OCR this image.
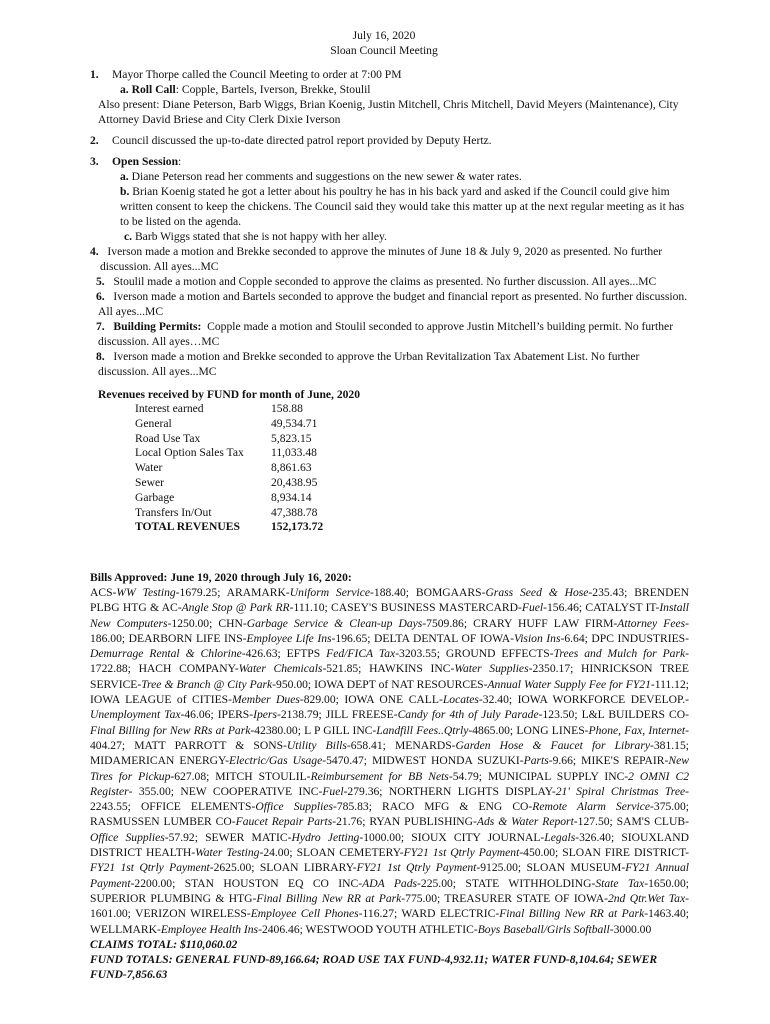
July 16, 2020
Sloan Council Meeting
1. Mayor Thorpe called the Council Meeting to order at 7:00 PM
a. Roll Call: Copple, Bartels, Iverson, Brekke, Stoulil
Also present: Diane Peterson, Barb Wiggs, Brian Koenig, Justin Mitchell, Chris Mitchell, David Meyers (Maintenance), City Attorney David Briese and City Clerk Dixie Iverson
2. Council discussed the up-to-date directed patrol report provided by Deputy Hertz.
3. Open Session:
a. Diane Peterson read her comments and suggestions on the new sewer & water rates.
b. Brian Koenig stated he got a letter about his poultry he has in his back yard and asked if the Council could give him written consent to keep the chickens. The Council said they would take this matter up at the next regular meeting as it has to be listed on the agenda.
c. Barb Wiggs stated that she is not happy with her alley.
4. Iverson made a motion and Brekke seconded to approve the minutes of June 18 & July 9, 2020 as presented. No further discussion. All ayes...MC
5. Stoulil made a motion and Copple seconded to approve the claims as presented. No further discussion. All ayes...MC
6. Iverson made a motion and Bartels seconded to approve the budget and financial report as presented. No further discussion. All ayes...MC
7. Building Permits: Copple made a motion and Stoulil seconded to approve Justin Mitchell’s building permit. No further discussion. All ayes…MC
8. Iverson made a motion and Brekke seconded to approve the Urban Revitalization Tax Abatement List. No further discussion. All ayes...MC
Revenues received by FUND for month of June, 2020
Interest earned	158.88
General	49,534.71
Road Use Tax	5,823.15
Local Option Sales Tax	11,033.48
Water	8,861.63
Sewer	20,438.95
Garbage	8,934.14
Transfers In/Out	47,388.78
TOTAL REVENUES	152,173.72
Bills Approved: June 19, 2020 through July 16, 2020:
ACS-WW Testing-1679.25; ARAMARK-Uniform Service-188.40; BOMGAARS-Grass Seed & Hose-235.43; BRENDEN PLBG HTG & AC-Angle Stop @ Park RR-111.10; CASEY'S BUSINESS MASTERCARD-Fuel-156.46; CATALYST IT-Install New Computers-1250.00; CHN-Garbage Service & Clean-up Days-7509.86; CRARY HUFF LAW FIRM-Attorney Fees-186.00; DEARBORN LIFE INS-Employee Life Ins-196.65; DELTA DENTAL OF IOWA-Vision Ins-6.64; DPC INDUSTRIES-Demurrage Rental & Chlorine-426.63; EFTPS Fed/FICA Tax-3203.55; GROUND EFFECTS-Trees and Mulch for Park-1722.88; HACH COMPANY-Water Chemicals-521.85; HAWKINS INC-Water Supplies-2350.17; HINRICKSON TREE SERVICE-Tree & Branch @ City Park-950.00; IOWA DEPT of NAT RESOURCES-Annual Water Supply Fee for FY21-111.12; IOWA LEAGUE of CITIES-Member Dues-829.00; IOWA ONE CALL-Locates-32.40; IOWA WORKFORCE DEVELOP.-Unemployment Tax-46.06; IPERS-Ipers-2138.79; JILL FREESE-Candy for 4th of July Parade-123.50; L&L BUILDERS CO-Final Billing for New RRs at Park-42380.00; L P GILL INC-Landfill Fees..Qtrly-4865.00; LONG LINES-Phone, Fax, Internet-404.27; MATT PARROTT & SONS-Utility Bills-658.41; MENARDS-Garden Hose & Faucet for Library-381.15; MIDAMERICAN ENERGY-Electric/Gas Usage-5470.47; MIDWEST HONDA SUZUKI-Parts-9.66; MIKE'S REPAIR-New Tires for Pickup-627.08; MITCH STOULIL-Reimbursement for BB Nets-54.79; MUNICIPAL SUPPLY INC-2 OMNI C2 Register- 355.00; NEW COOPERATIVE INC-Fuel-279.36; NORTHERN LIGHTS DISPLAY-21' Spiral Christmas Tree-2243.55; OFFICE ELEMENTS-Office Supplies-785.83; RACO MFG & ENG CO-Remote Alarm Service-375.00; RASMUSSEN LUMBER CO-Faucet Repair Parts-21.76; RYAN PUBLISHING-Ads & Water Report-127.50; SAM'S CLUB-Office Supplies-57.92; SEWER MATIC-Hydro Jetting-1000.00; SIOUX CITY JOURNAL-Legals-326.40; SIOUXLAND DISTRICT HEALTH-Water Testing-24.00; SLOAN CEMETERY-FY21 1st Qtrly Payment-450.00; SLOAN FIRE DISTRICT-FY21 1st Qtrly Payment-2625.00; SLOAN LIBRARY-FY21 1st Qtrly Payment-9125.00; SLOAN MUSEUM-FY21 Annual Payment-2200.00; STAN HOUSTON EQ CO INC-ADA Pads-225.00; STATE WITHHOLDING-State Tax-1650.00; SUPERIOR PLUMBING & HTG-Final Billing New RR at Park-775.00; TREASURER STATE OF IOWA-2nd Qtr.Wet Tax-1601.00; VERIZON WIRELESS-Employee Cell Phones-116.27; WARD ELECTRIC-Final Billing New RR at Park-1463.40; WELLMARK-Employee Health Ins-2406.46; WESTWOOD YOUTH ATHLETIC-Boys Baseball/Girls Softball-3000.00
CLAIMS TOTAL: $110,060.02
FUND TOTALS: GENERAL FUND-89,166.64; ROAD USE TAX FUND-4,932.11; WATER FUND-8,104.64; SEWER FUND-7,856.63
